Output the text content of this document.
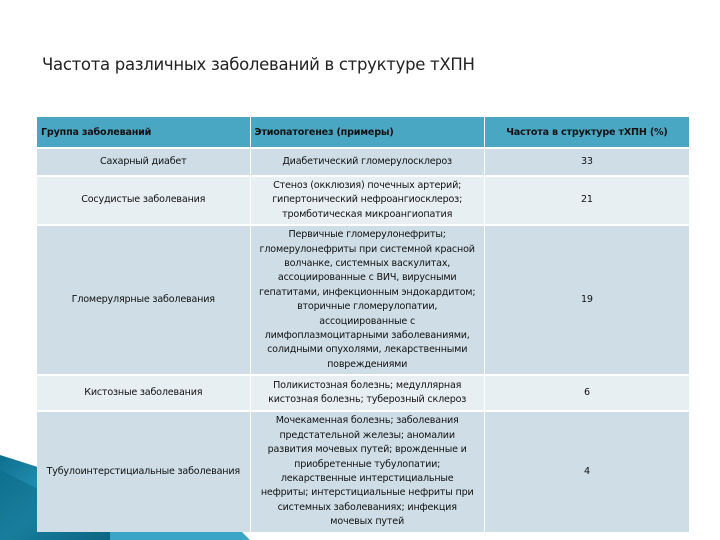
Частота различных заболеваний в структуре тХПН
Группа заболеваний	Этиопатогенез (примеры)	Частота в структуре тХПН (%)
Сахарный диабет	Диабетический гломерулосклероз	33
Сосудистые заболевания	Стеноз (окклюзия) почечных артерий; гипертонический нефроангиосклероз; тромботическая микроангиопатия	21
Гломерулярные заболевания	Первичные гломерулонефриты; гломерулонефриты при системной красной волчанке, системных васкулитах, ассоциированные с ВИЧ, вирусными гепатитами, инфекционным эндокардитом; вторичные гломерулопатии, ассоциированные с лимфоплазмоцитарными заболеваниями, солидными опухолями, лекарственными повреждениями	19
Кистозные заболевания	Поликистозная болезнь; медуллярная кистозная болезнь; туберозный склероз	6
Тубулоинтерстициальные заболевания	Мочекаменная болезнь; заболевания предстательной железы; аномалии развития мочевых путей; врожденные и приобретенные тубулопатии; лекарственные интерстициальные нефриты; интерстициальные нефриты при системных заболеваниях; инфекция мочевых путей	4
